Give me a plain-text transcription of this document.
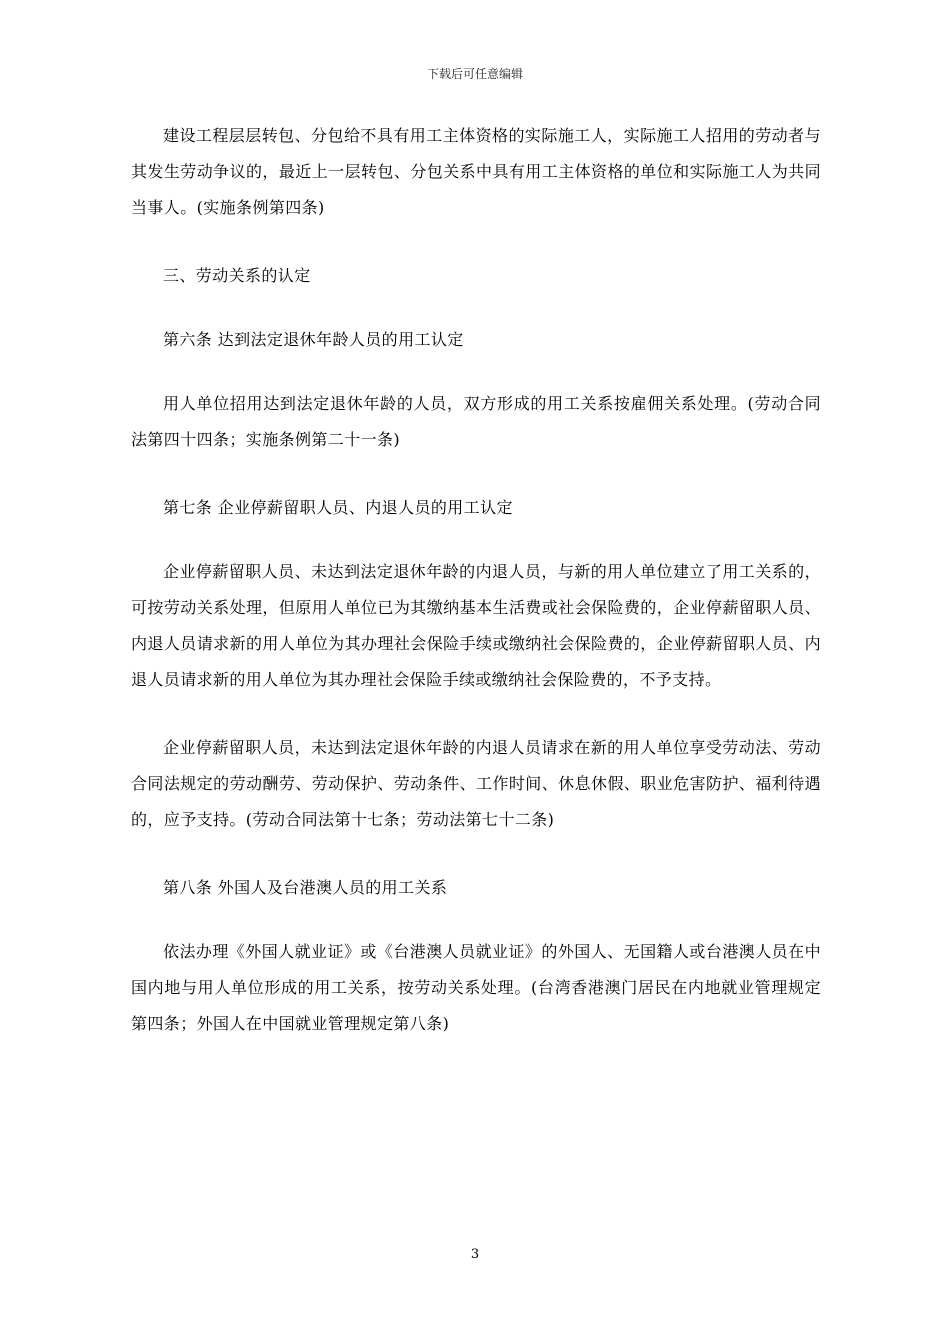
下载后可任意编辑

建设工程层层转包、分包给不具有用工主体资格的实际施工人，实际施工人招用的劳动者与其发生劳动争议的，最近上一层转包、分包关系中具有用工主体资格的单位和实际施工人为共同当事人。(实施条例第四条)

三、劳动关系的认定

第六条 达到法定退休年龄人员的用工认定

用人单位招用达到法定退休年龄的人员，双方形成的用工关系按雇佣关系处理。(劳动合同法第四十四条；实施条例第二十一条)

第七条 企业停薪留职人员、内退人员的用工认定

企业停薪留职人员、未达到法定退休年龄的内退人员，与新的用人单位建立了用工关系的，可按劳动关系处理，但原用人单位已为其缴纳基本生活费或社会保险费的，企业停薪留职人员、内退人员请求新的用人单位为其办理社会保险手续或缴纳社会保险费的，企业停薪留职人员、内退人员请求新的用人单位为其办理社会保险手续或缴纳社会保险费的，不予支持。

企业停薪留职人员，未达到法定退休年龄的内退人员请求在新的用人单位享受劳动法、劳动合同法规定的劳动酬劳、劳动保护、劳动条件、工作时间、休息休假、职业危害防护、福利待遇的，应予支持。(劳动合同法第十七条；劳动法第七十二条)

第八条 外国人及台港澳人员的用工关系

依法办理《外国人就业证》或《台港澳人员就业证》的外国人、无国籍人或台港澳人员在中国内地与用人单位形成的用工关系，按劳动关系处理。(台湾香港澳门居民在内地就业管理规定第四条；外国人在中国就业管理规定第八条)

3
